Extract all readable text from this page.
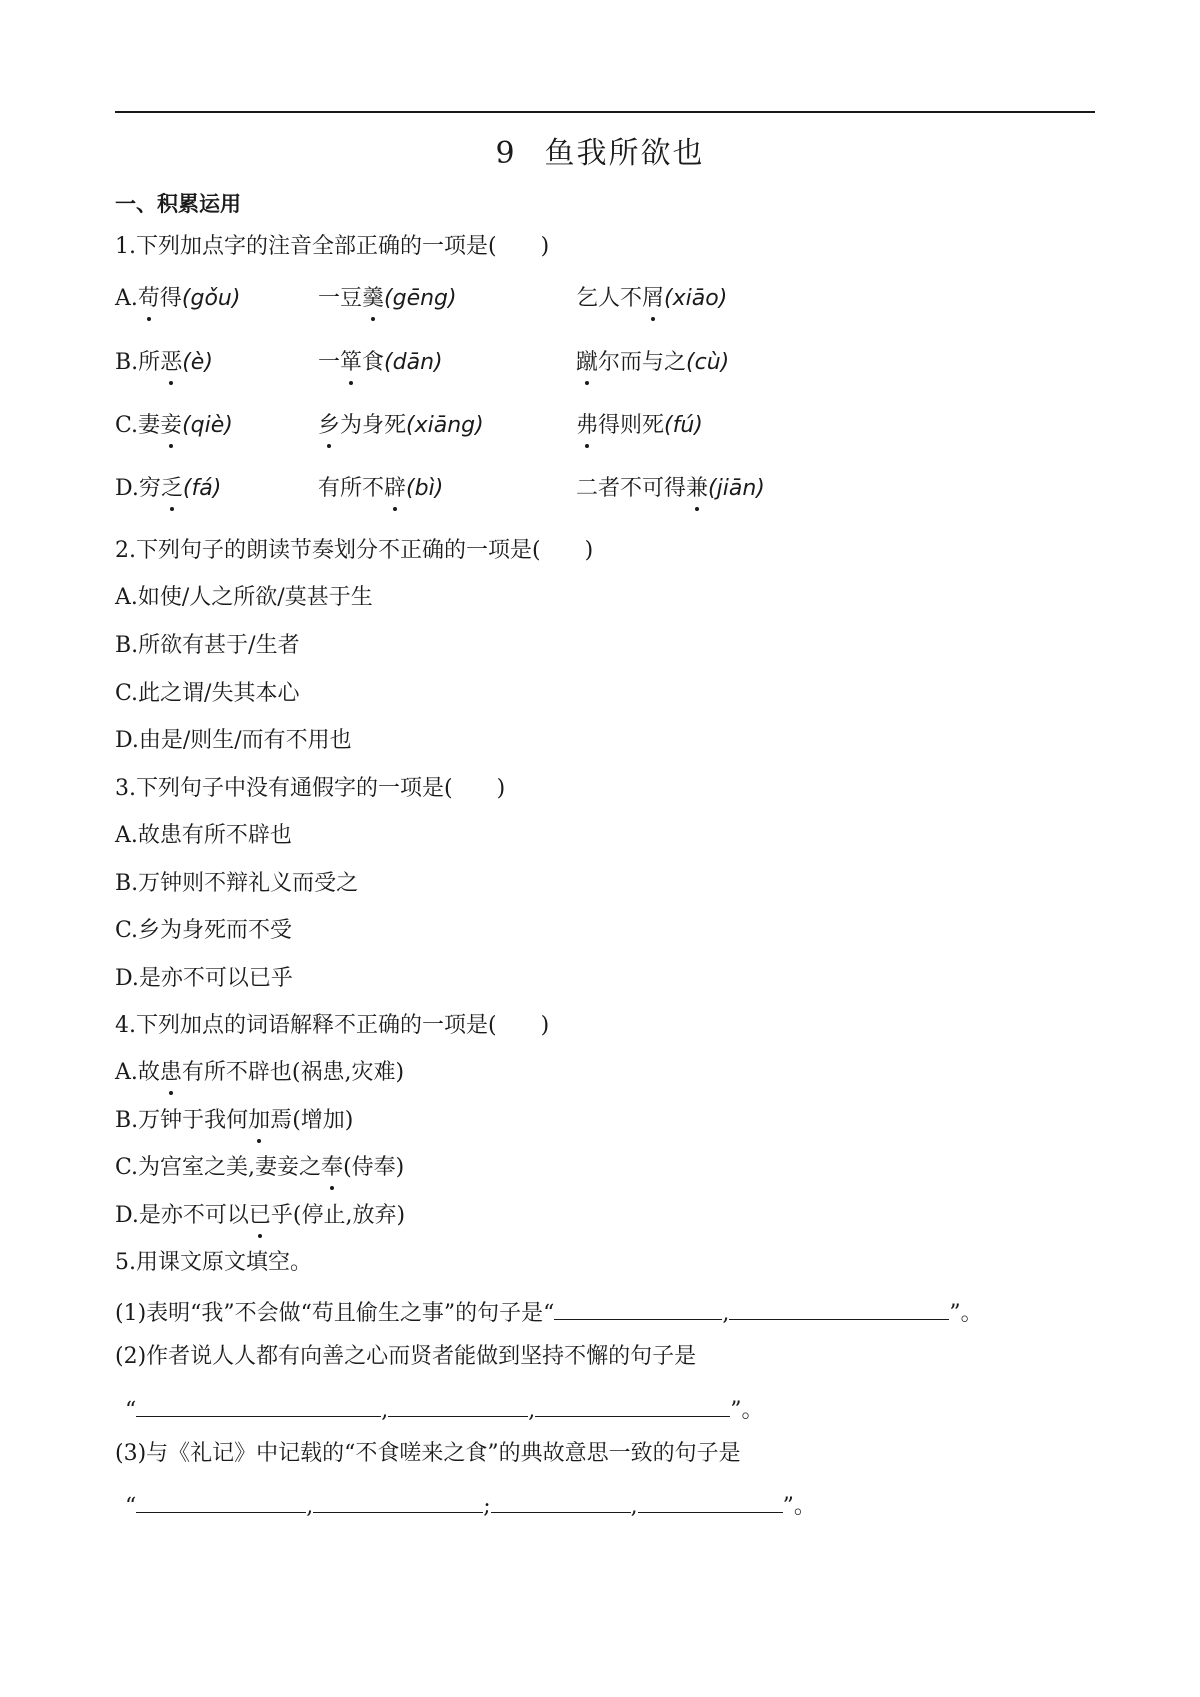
9 鱼我所欲也
一、积累运用
1.下列加点字的注音全部正确的一项是(　　)
A.苟得(gǒu)	一豆羹(gēng)	乞人不屑(xiāo)
B.所恶(è)	一箪食(dān)	蹴尔而与之(cù)
C.妻妾(qiè)	乡为身死(xiāng)	弗得则死(fú)
D.穷乏(fá)	有所不辟(bì)	二者不可得兼(jiān)
2.下列句子的朗读节奏划分不正确的一项是(　　)
A.如使/人之所欲/莫甚于生
B.所欲有甚于/生者
C.此之谓/失其本心
D.由是/则生/而有不用也
3.下列句子中没有通假字的一项是(　　)
A.故患有所不辟也
B.万钟则不辩礼义而受之
C.乡为身死而不受
D.是亦不可以已乎
4.下列加点的词语解释不正确的一项是(　　)
A.故患有所不辟也(祸患,灾难)
B.万钟于我何加焉(增加)
C.为宫室之美,妻妾之奉(侍奉)
D.是亦不可以已乎(停止,放弃)
5.用课文原文填空。
(1)表明“我”不会做“苟且偷生之事”的句子是“	,	”。
(2)作者说人人都有向善之心而贤者能做到坚持不懈的句子是
“	,	,	”。
(3)与《礼记》中记载的“不食嗟来之食”的典故意思一致的句子是
“	,	;	,	”。
